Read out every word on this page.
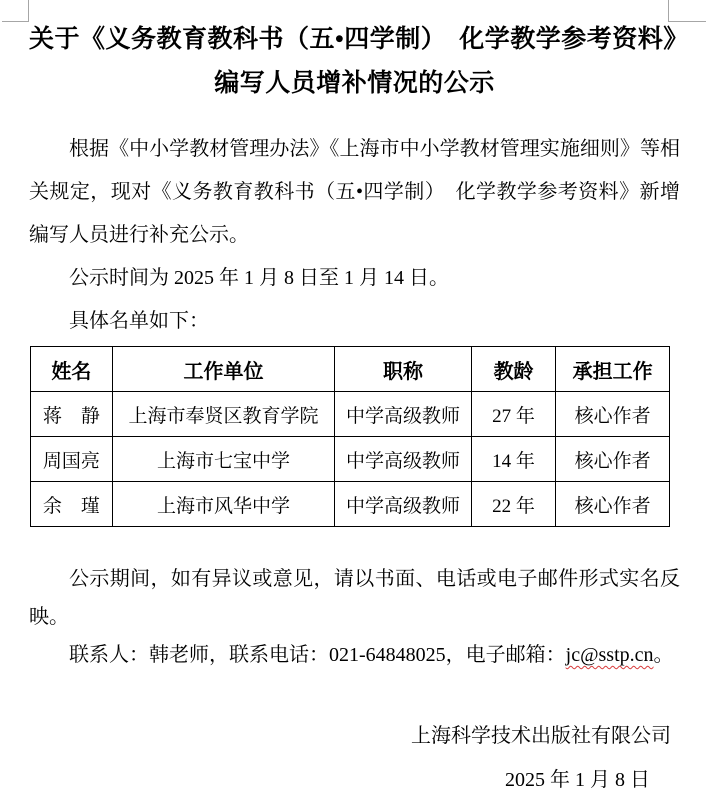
关于《义务教育教科书（五•四学制）　化学教学参考资料》
编写人员增补情况的公示

根据《中小学教材管理办法》《上海市中小学教材管理实施细则》等相关规定，现对《义务教育教科书（五•四学制）　化学教学参考资料》新增编写人员进行补充公示。

公示时间为 2025 年 1 月 8 日至 1 月 14 日。

具体名单如下：

姓名	工作单位	职称	教龄	承担工作
蒋　静	上海市奉贤区教育学院	中学高级教师	27 年	核心作者
周国亮	上海市七宝中学	中学高级教师	14 年	核心作者
余　瑾	上海市风华中学	中学高级教师	22 年	核心作者

公示期间，如有异议或意见，请以书面、电话或电子邮件形式实名反映。

联系人：韩老师，联系电话：021-64848025，电子邮箱：jc@sstp.cn。

上海科学技术出版社有限公司

2025 年 1 月 8 日
